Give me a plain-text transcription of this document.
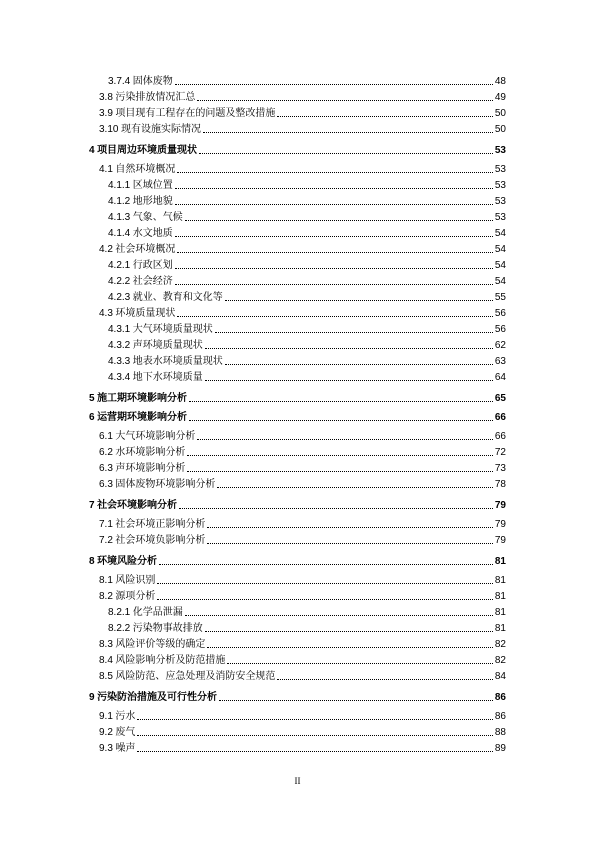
3.7.4 固体废物	48
3.8 污染排放情况汇总	49
3.9 项目现有工程存在的问题及整改措施	50
3.10 现有设施实际情况	50
4 项目周边环境质量现状	53
4.1 自然环境概况	53
4.1.1 区域位置	53
4.1.2 地形地貌	53
4.1.3 气象、气候	53
4.1.4 水文地质	54
4.2 社会环境概况	54
4.2.1 行政区划	54
4.2.2 社会经济	54
4.2.3 就业、教育和文化等	55
4.3 环境质量现状	56
4.3.1 大气环境质量现状	56
4.3.2 声环境质量现状	62
4.3.3 地表水环境质量现状	63
4.3.4 地下水环境质量	64
5 施工期环境影响分析	65
6 运营期环境影响分析	66
6.1 大气环境影响分析	66
6.2 水环境影响分析	72
6.3 声环境影响分析	73
6.3 固体废物环境影响分析	78
7 社会环境影响分析	79
7.1 社会环境正影响分析	79
7.2 社会环境负影响分析	79
8 环境风险分析	81
8.1 风险识别	81
8.2 源项分析	81
8.2.1 化学品泄漏	81
8.2.2 污染物事故排放	81
8.3 风险评价等级的确定	82
8.4 风险影响分析及防范措施	82
8.5 风险防范、应急处理及消防安全规范	84
9 污染防治措施及可行性分析	86
9.1 污水	86
9.2 废气	88
9.3 噪声	89
II
